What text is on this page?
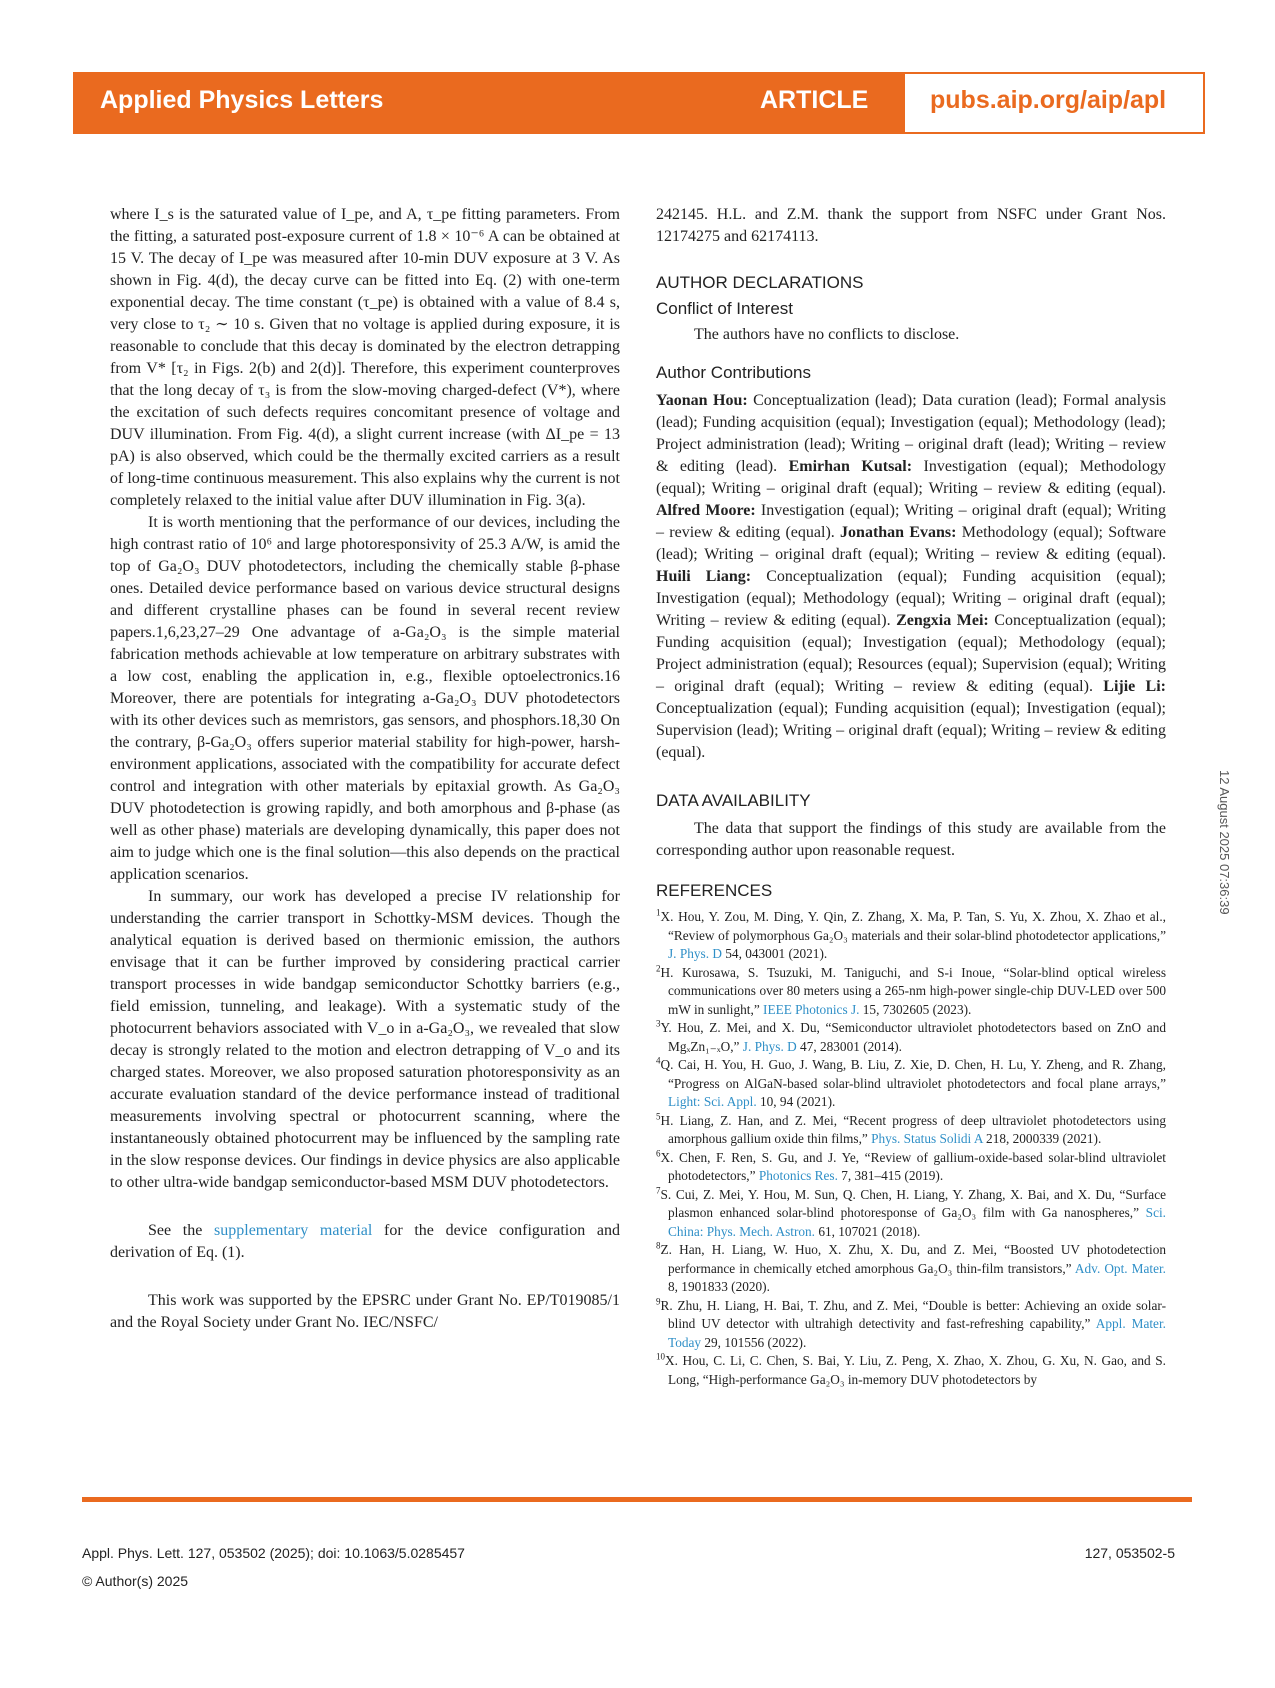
Applied Physics Letters	ARTICLE pubs.aip.org/aip/apl

where I_s is the saturated value of I_pe, and A, τ_pe fitting parameters. From the fitting, a saturated post-exposure current of 1.8 × 10⁻⁶ A can be obtained at 15 V. The decay of I_pe was measured after 10-min DUV exposure at 3 V. As shown in Fig. 4(d), the decay curve can be fitted into Eq. (2) with one-term exponential decay. The time constant (τ_pe) is obtained with a value of 8.4 s, very close to τ₂ ∼ 10 s. Given that no voltage is applied during exposure, it is reasonable to conclude that this decay is dominated by the electron detrapping from V* [τ₂ in Figs. 2(b) and 2(d)]. Therefore, this experiment counterproves that the long decay of τ₃ is from the slow-moving charged-defect (V*), where the excitation of such defects requires concomitant presence of voltage and DUV illumination. From Fig. 4(d), a slight current increase (with ΔI_pe = 13 pA) is also observed, which could be the thermally excited carriers as a result of long-time continuous measurement. This also explains why the current is not completely relaxed to the initial value after DUV illumination in Fig. 3(a).

It is worth mentioning that the performance of our devices, including the high contrast ratio of 10⁶ and large photoresponsivity of 25.3 A/W, is amid the top of Ga₂O₃ DUV photodetectors, including the chemically stable β-phase ones. Detailed device performance based on various device structural designs and different crystalline phases can be found in several recent review papers.1,6,23,27–29 One advantage of a-Ga₂O₃ is the simple material fabrication methods achievable at low temperature on arbitrary substrates with a low cost, enabling the application in, e.g., flexible optoelectronics.16 Moreover, there are potentials for integrating a-Ga₂O₃ DUV photodetectors with its other devices such as memristors, gas sensors, and phosphors.18,30 On the contrary, β-Ga₂O₃ offers superior material stability for high-power, harsh-environment applications, associated with the compatibility for accurate defect control and integration with other materials by epitaxial growth. As Ga₂O₃ DUV photodetection is growing rapidly, and both amorphous and β-phase (as well as other phase) materials are developing dynamically, this paper does not aim to judge which one is the final solution—this also depends on the practical application scenarios.

In summary, our work has developed a precise IV relationship for understanding the carrier transport in Schottky-MSM devices. Though the analytical equation is derived based on thermionic emission, the authors envisage that it can be further improved by considering practical carrier transport processes in wide bandgap semiconductor Schottky barriers (e.g., field emission, tunneling, and leakage). With a systematic study of the photocurrent behaviors associated with V_o in a-Ga₂O₃, we revealed that slow decay is strongly related to the motion and electron detrapping of V_o and its charged states. Moreover, we also proposed saturation photoresponsivity as an accurate evaluation standard of the device performance instead of traditional measurements involving spectral or photocurrent scanning, where the instantaneously obtained photocurrent may be influenced by the sampling rate in the slow response devices. Our findings in device physics are also applicable to other ultra-wide bandgap semiconductor-based MSM DUV photodetectors.

See the supplementary material for the device configuration and derivation of Eq. (1).

This work was supported by the EPSRC under Grant No. EP/T019085/1 and the Royal Society under Grant No. IEC/NSFC/

242145. H.L. and Z.M. thank the support from NSFC under Grant Nos. 12174275 and 62174113.

AUTHOR DECLARATIONS

Conflict of Interest

The authors have no conflicts to disclose.

Author Contributions

Yaonan Hou: Conceptualization (lead); Data curation (lead); Formal analysis (lead); Funding acquisition (equal); Investigation (equal); Methodology (lead); Project administration (lead); Writing – original draft (lead); Writing – review & editing (lead). Emirhan Kutsal: Investigation (equal); Methodology (equal); Writing – original draft (equal); Writing – review & editing (equal). Alfred Moore: Investigation (equal); Writing – original draft (equal); Writing – review & editing (equal). Jonathan Evans: Methodology (equal); Software (lead); Writing – original draft (equal); Writing – review & editing (equal). Huili Liang: Conceptualization (equal); Funding acquisition (equal); Investigation (equal); Methodology (equal); Writing – original draft (equal); Writing – review & editing (equal). Zengxia Mei: Conceptualization (equal); Funding acquisition (equal); Investigation (equal); Methodology (equal); Project administration (equal); Resources (equal); Supervision (equal); Writing – original draft (equal); Writing – review & editing (equal). Lijie Li: Conceptualization (equal); Funding acquisition (equal); Investigation (equal); Supervision (lead); Writing – original draft (equal); Writing – review & editing (equal).

DATA AVAILABILITY

The data that support the findings of this study are available from the corresponding author upon reasonable request.

REFERENCES

$^1$X. Hou, Y. Zou, M. Ding, Y. Qin, Z. Zhang, X. Ma, P. Tan, S. Yu, X. Zhou, X. Zhao et al., “Review of polymorphous Ga₂O₃ materials and their solar-blind photodetector applications,” J. Phys. D 54, 043001 (2021).

$^2$H. Kurosawa, S. Tsuzuki, M. Taniguchi, and S-i Inoue, “Solar-blind optical wireless communications over 80 meters using a 265-nm high-power single-chip DUV-LED over 500 mW in sunlight,” IEEE Photonics J. 15, 7302605 (2023).

$^3$Y. Hou, Z. Mei, and X. Du, “Semiconductor ultraviolet photodetectors based on ZnO and MgₓZn₁₋ₓO,” J. Phys. D 47, 283001 (2014).

$^4$Q. Cai, H. You, H. Guo, J. Wang, B. Liu, Z. Xie, D. Chen, H. Lu, Y. Zheng, and R. Zhang, “Progress on AlGaN-based solar-blind ultraviolet photodetectors and focal plane arrays,” Light: Sci. Appl. 10, 94 (2021).

$^5$H. Liang, Z. Han, and Z. Mei, “Recent progress of deep ultraviolet photodetectors using amorphous gallium oxide thin films,” Phys. Status Solidi A 218, 2000339 (2021).

$^6$X. Chen, F. Ren, S. Gu, and J. Ye, “Review of gallium-oxide-based solar-blind ultraviolet photodetectors,” Photonics Res. 7, 381–415 (2019).

$^7$S. Cui, Z. Mei, Y. Hou, M. Sun, Q. Chen, H. Liang, Y. Zhang, X. Bai, and X. Du, “Surface plasmon enhanced solar-blind photoresponse of Ga₂O₃ film with Ga nanospheres,” Sci. China: Phys. Mech. Astron. 61, 107021 (2018).

$^8$Z. Han, H. Liang, W. Huo, X. Zhu, X. Du, and Z. Mei, “Boosted UV photodetection performance in chemically etched amorphous Ga₂O₃ thin-film transistors,” Adv. Opt. Mater. 8, 1901833 (2020).

$^9$R. Zhu, H. Liang, H. Bai, T. Zhu, and Z. Mei, “Double is better: Achieving an oxide solar-blind UV detector with ultrahigh detectivity and fast-refreshing capability,” Appl. Mater. Today 29, 101556 (2022).

$^{10}$X. Hou, C. Li, C. Chen, S. Bai, Y. Liu, Z. Peng, X. Zhao, X. Zhou, G. Xu, N. Gao, and S. Long, “High-performance Ga₂O₃ in-memory DUV photodetectors by

12 August 2025 07:36:39
Appl. Phys. Lett. 127, 053502 (2025); doi: 10.1063/5.0285457
© Author(s) 2025
127, 053502-5
